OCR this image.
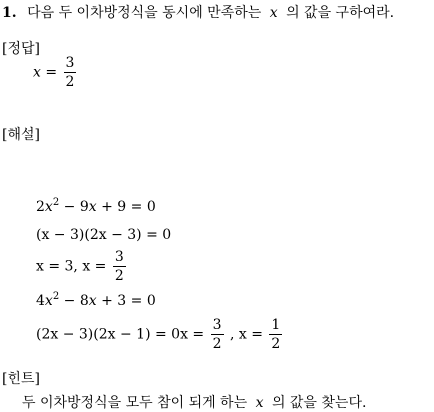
1. 다음 두 이차방정식을 동시에 만족하는 x 의 값을 구하여라.
[정답]
$x = \frac{3}{2}$
[해설]
$2x^2 - 9x + 9 = 0$
(x − 3)(2x − 3) = 0
x = 3, $x = \frac{3}{2}$
$4x^2 - 8x + 3 = 0$
$(2x - 3)(2x - 1) = 0x = \frac{3}{2}$ , $x = \frac{1}{2}$
[힌트]
두 이차방정식을 모두 참이 되게 하는 x 의 값을 찾는다.
